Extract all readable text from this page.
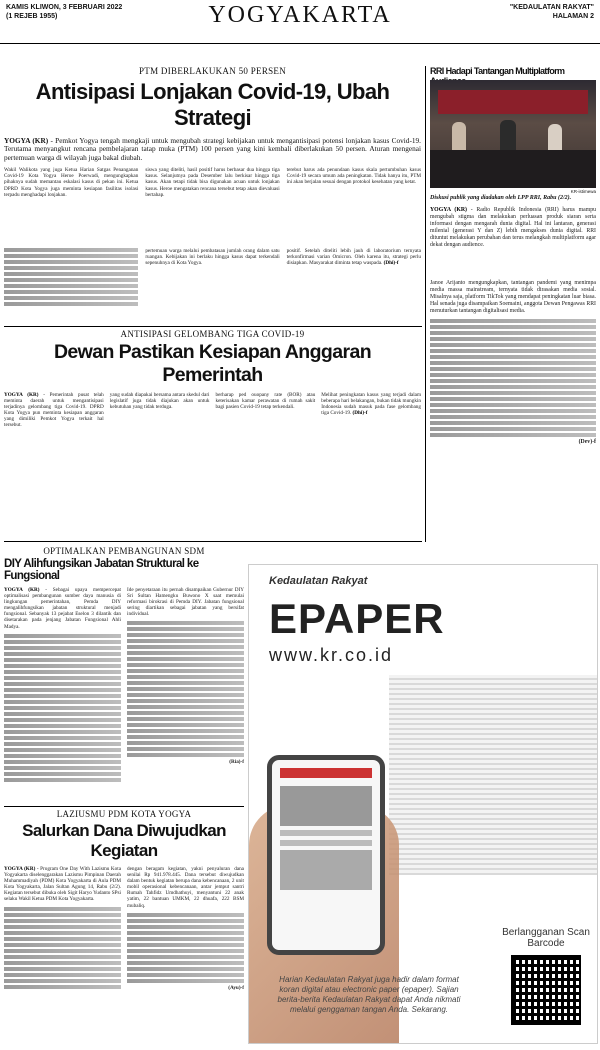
KAMIS KLIWON, 3 FEBRUARI 2022
(1 REJEB 1955)	YOGYAKARTA	"KEDAULATAN RAKYAT"
HALAMAN 2
PTM DIBERLAKUKAN 50 PERSEN
Antisipasi Lonjakan Covid-19, Ubah Strategi
YOGYA (KR) - Pemkot Yogya tengah mengkaji untuk mengubah strategi kebijakan untuk mengantisipasi potensi lonjakan kasus Covid-19. Terutama menyangkut rencana pembelajaran tatap muka (PTM) 100 persen yang kini kembali diberlakukan 50 persen. Aturan mengenai pertemuan warga di wilayah juga bakal diubah.
Wakil Walikota yang juga Ketua Harian Satgas Penanganan Covid-19 Kota Yogya Heroe Poerwadi, mengungkapkan pihaknya sudah memantau eskalasi kasus di pekan ini. Ketua DPRD Kota Yogya juga meminta kesiapan fasilitas isolasi terpadu menghadapi lonjakan.
siswa yang diteliti, hasil positif harus berbasar dua hingga tiga kasus. Selanjutnya pada Desember lalu berkisar hingga tiga kasus. Akan tetapi tidak bisa digunakan acuan untuk lonjakan kasus. Heroe mengatakan rencana tersebut tetap akan dievaluasi bertahap.
terebut harus ada penundaan kasus skala pertumbuhan kasus Covid-19 secara umum ada peningkatan. Tidak hanya itu, PTM ini akan berjalan sesuai dengan protokol kesehatan yang ketat.
pertemuan warga melalui pembatasan jumlah orang dalam satu ruangan. Kebijakan ini berlaku hingga kasus dapat terkendali sepenuhnya di Kota Yogya.
positif. Setelah diteliti lebih jauh di laboratorium ternyata terkonfirmasi varian Omicron. Oleh karena itu, strategi perlu disiapkan. Masyarakat diminta tetap waspada. (Dhi)-f
ANTISIPASI GELOMBANG TIGA COVID-19
Dewan Pastikan Kesiapan Anggaran Pemerintah
YOGYA (KR) - Pemerintah pusat telah meminta daerah untuk mengantisipasi terjadinya gelombang tiga Covid-19. DPRD Kota Yogya pun meminta kesiapan anggaran yang dimiliki Pemkot Yogya terkait hal tersebut.
yang sudah diapakai bersama antara skedul dari legislatif juga tidak diajukan akan untuk kebutuhan yang tidak terduga.
berharap ped ouopany rate (BOR) atau keterisakan kamar perawatan di rumah sakit bagi pasien Covid-19 tetap terkendali.
Melihat peningkatan kasus yang terjadi dalam beberapa hari belakangan, bukan tidak mungkin Indonesia sudah masuk pada fase gelombang tiga Covid-19. (Dhi)-f
RRI Hadapi Tantangan Multiplatform
KR-istimewa
Diskusi publik yang diadakan oleh LPP RRI, Rabu (2/2).
YOGYA (KR) - Radio Republik Indonesia (RRI) harus mampu mengubah stigma dan melakukan perluasan produk siaran serta informasi dengan mengarah dunia digital. Hal ini lantaran, generasi milenial (generasi Y dan Z) lebih mengakses dunia digital. RRI dituntut melakukan perubahan dan terus melangkah multiplatform agar dekat dengan audience.
Janoe Arijanto mengungkapkan, tantangan pandemi yang menimpa media massa mainstream, ternyata tidak dirasakan media sosial. Misalnya saja, platform TikTok yang mendapat peningkatan luar biasa. Hal senada juga disampaikan Soemaini, anggota Dewan Pengawas RRI menuturkan tantangan digitalisasi media.
(Dev)-f
OPTIMALKAN PEMBANGUNAN SDM
DIY Alihfungsikan Jabatan Struktural ke Fungsional
YOGYA (KR) - Sebagai upaya mempercepat optimalisasi pembangunan sumber daya manusia di lingkungan pemerintahan, Pemda DIY mengalihfungsikan jabatan struktural menjadi fungsional. Sebanyak 13 pejabat Eselon 3 dilantik dan disetarakan pada jenjang Jabatan Fungsional Ahli Madya.
Ide penyetaraan itu pernah disampaikan Gubernur DIY Sri Sultan Hamengku Buwono X saat memulai reformasi birokrasi di Pemda DIY. Jabatan fungsional sering diartikan sebagai jabatan yang bersifat individual.
(Ria)-f
LAZIUSMU PDM KOTA YOGYA
Salurkan Dana Diwujudkan Kegiatan
YOGYA (KR) - Program One Day With Lazismu Kota Yogyakarta diselenggarakan Lazismu Pimpinan Daerah Muhammadiyah (PDM) Kota Yogyakarta di Aula PDM Kota Yogyakarta, Jalan Sultan Agung 14, Rabu (2/2). Kegiatan tersebut dibuka oleh Sigit Haryo Yudanto SPsi selaku Wakil Ketua PDM Kota Yogyakarta.
dengan beragam kegiatan, yakni penyaluran dana senilai Rp 941.978.445. Dana tersebut diwujudkan dalam bentuk kegiatan berupa dana kebencanaan, 2 unit mobil operasional kebencanaan, antar jemput santri Rumah Tahfidz Umdhathuyi, menyantuni 22 anak yatim, 22 bantuan UMKM, 22 dhuafa, 222 BSM mubaliq.
(Ayu)-f
Kedaulatan Rakyat
EPAPER
www.kr.co.id
Harian Kedaulatan Rakyat juga hadir dalam format koran digital atau electronic paper (epaper). Sajian berita-berita Kedaulatan Rakyat dapat Anda nikmati melalui genggaman tangan Anda. Sekarang.
Berlangganan Scan Barcode
